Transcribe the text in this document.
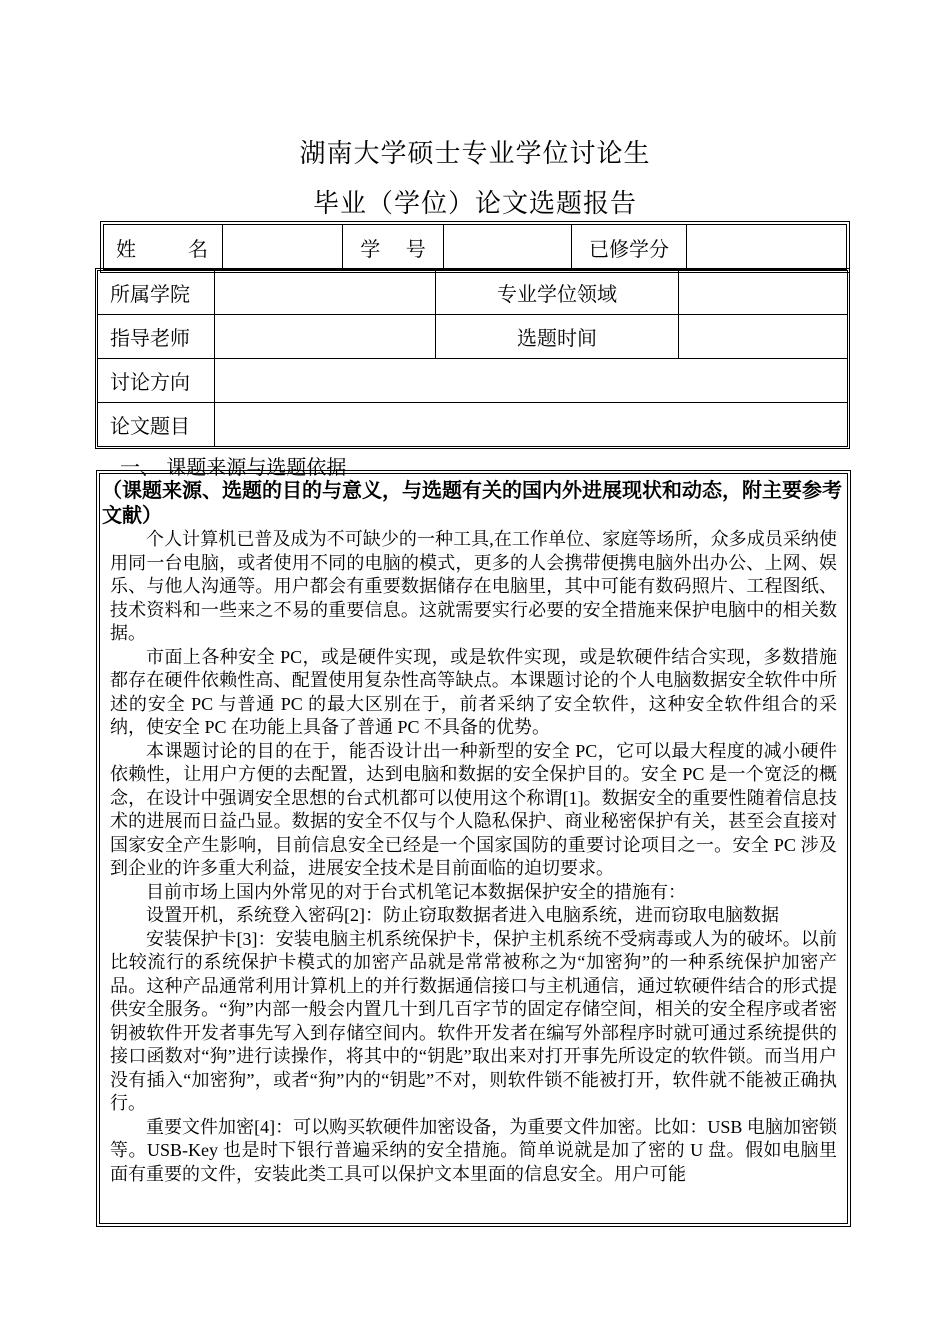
湖南大学硕士专业学位讨论生
毕业（学位）论文选题报告
姓	名		学 号		已修学分	
所属学院		专业学位领域	
指导老师		选题时间	
讨论方向			
论文题目			
一、 课题来源与选题依据
（课题来源、选题的目的与意义，与选题有关的国内外进展现状和动态，附主要参考文献）

个人计算机已普及成为不可缺少的一种工具,在工作单位、家庭等场所，众多成员采纳使用同一台电脑，或者使用不同的电脑的模式，更多的人会携带便携电脑外出办公、上网、娱乐、与他人沟通等。用户都会有重要数据储存在电脑里，其中可能有数码照片、工程图纸、技术资料和一些来之不易的重要信息。这就需要实行必要的安全措施来保护电脑中的相关数据。

市面上各种安全 PC，或是硬件实现，或是软件实现，或是软硬件结合实现，多数措施都存在硬件依赖性高、配置使用复杂性高等缺点。本课题讨论的个人电脑数据安全软件中所述的安全 PC 与普通 PC 的最大区别在于，前者采纳了安全软件，这种安全软件组合的采纳，使安全 PC 在功能上具备了普通 PC 不具备的优势。

本课题讨论的目的在于，能否设计出一种新型的安全 PC，它可以最大程度的减小硬件依赖性，让用户方便的去配置，达到电脑和数据的安全保护目的。安全 PC 是一个宽泛的概念，在设计中强调安全思想的台式机都可以使用这个称谓[1]。数据安全的重要性随着信息技术的进展而日益凸显。数据的安全不仅与个人隐私保护、商业秘密保护有关，甚至会直接对国家安全产生影响，目前信息安全已经是一个国家国防的重要讨论项目之一。安全 PC 涉及到企业的许多重大利益，进展安全技术是目前面临的迫切要求。

目前市场上国内外常见的对于台式机笔记本数据保护安全的措施有：

设置开机，系统登入密码[2]：防止窃取数据者进入电脑系统，进而窃取电脑数据

安装保护卡[3]：安装电脑主机系统保护卡，保护主机系统不受病毒或人为的破坏。以前比较流行的系统保护卡模式的加密产品就是常常被称之为“加密狗”的一种系统保护加密产品。这种产品通常利用计算机上的并行数据通信接口与主机通信，通过软硬件结合的形式提供安全服务。“狗”内部一般会内置几十到几百字节的固定存储空间，相关的安全程序或者密钥被软件开发者事先写入到存储空间内。软件开发者在编写外部程序时就可通过系统提供的接口函数对“狗”进行读操作，将其中的“钥匙”取出来对打开事先所设定的软件锁。而当用户没有插入“加密狗”，或者“狗”内的“钥匙”不对，则软件锁不能被打开，软件就不能被正确执行。

重要文件加密[4]：可以购买软硬件加密设备，为重要文件加密。比如：USB 电脑加密锁等。USB-Key 也是时下银行普遍采纳的安全措施。简单说就是加了密的 U 盘。假如电脑里面有重要的文件，安装此类工具可以保护文本里面的信息安全。用户可能
